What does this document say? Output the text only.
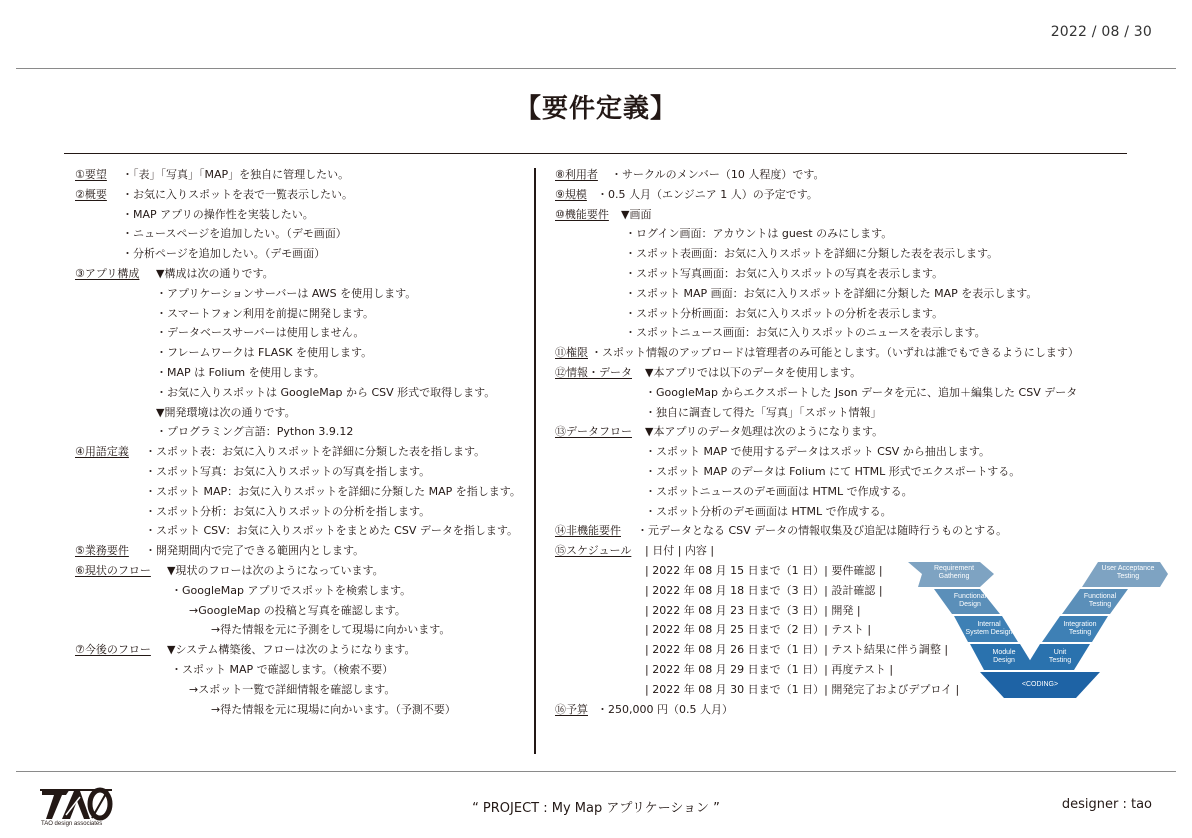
2022 / 08 / 30
【要件定義】
①要望 ・「表」「写真」「MAP」を独自に管理したい。
②概要 ・お気に入りスポットを表で一覧表示したい。
・MAP アプリの操作性を実装したい。
・ニュースページを追加したい。（デモ画面）
・分析ページを追加したい。（デモ画面）
③アプリ構成 ▼構成は次の通りです。
・アプリケーションサーバーは AWS を使用します。
・スマートフォン利用を前提に開発します。
・データベースサーバーは使用しません。
・フレームワークは FLASK を使用します。
・MAP は Folium を使用します。
・お気に入りスポットは GoogleMap から CSV 形式で取得します。
▼開発環境は次の通りです。
・プログラミング言語：Python 3.9.12
④用語定義 ・スポット表：お気に入りスポットを詳細に分類した表を指します。
・スポット写真：お気に入りスポットの写真を指します。
・スポット MAP：お気に入りスポットを詳細に分類した MAP を指します。
・スポット分析：お気に入りスポットの分析を指します。
・スポット CSV：お気に入りスポットをまとめた CSV データを指します。
⑤業務要件 ・開発期間内で完了できる範囲内とします。
⑥現状のフロー ▼現状のフローは次のようになっています。
・GoogleMap アプリでスポットを検索します。
→GoogleMap の投稿と写真を確認します。
→得た情報を元に予測をして現場に向かいます。
⑦今後のフロー ▼システム構築後、フローは次のようになります。
・スポット MAP で確認します。（検索不要）
→スポット一覧で詳細情報を確認します。
→得た情報を元に現場に向かいます。（予測不要）
⑧利用者 ・サークルのメンバー（10 人程度）です。
⑨規模 ・0.5 人月（エンジニア 1 人）の予定です。
⑩機能要件 ▼画面
・ログイン画面：アカウントは guest のみにします。
・スポット表画面：お気に入りスポットを詳細に分類した表を表示します。
・スポット写真画面：お気に入りスポットの写真を表示します。
・スポット MAP 画面：お気に入りスポットを詳細に分類した MAP を表示します。
・スポット分析画面：お気に入りスポットの分析を表示します。
・スポットニュース画面：お気に入りスポットのニュースを表示します。
⑪権限 ・スポット情報のアップロードは管理者のみ可能とします。（いずれは誰でもできるようにします）
⑫情報・データ ▼本アプリでは以下のデータを使用します。
・GoogleMap からエクスポートした Json データを元に、追加＋編集した CSV データ
・独自に調査して得た「写真」「スポット情報」
⑬データフロー ▼本アプリのデータ処理は次のようになります。
・スポット MAP で使用するデータはスポット CSV から抽出します。
・スポット MAP のデータは Folium にて HTML 形式でエクスポートする。
・スポットニュースのデモ画面は HTML で作成する。
・スポット分析のデモ画面は HTML で作成する。
⑭非機能要件 ・元データとなる CSV データの情報収集及び追記は随時行うものとする。
⑮スケジュール | 日付 | 内容 |
| 2022 年 08 月 15 日まで（1 日）| 要件確認 |
| 2022 年 08 月 18 日まで（3 日）| 設計確認 |
| 2022 年 08 月 23 日まで（3 日）| 開発 |
| 2022 年 08 月 25 日まで（2 日）| テスト |
| 2022 年 08 月 26 日まで（1 日）| テスト結果に伴う調整 |
| 2022 年 08 月 29 日まで（1 日）| 再度テスト |
| 2022 年 08 月 30 日まで（1 日）| 開発完了およびデプロイ |
⑯予算 ・250,000 円（0.5 人月）
Requirement
Gathering
Functional
Design
Internal
System Design
Module
Design
User Acceptance
Testing
Functional
Testing
Integration
Testing
Unit
Testing
<CODING>
TAO design associates
“ PROJECT : My Map アプリケーション ”	designer : tao
